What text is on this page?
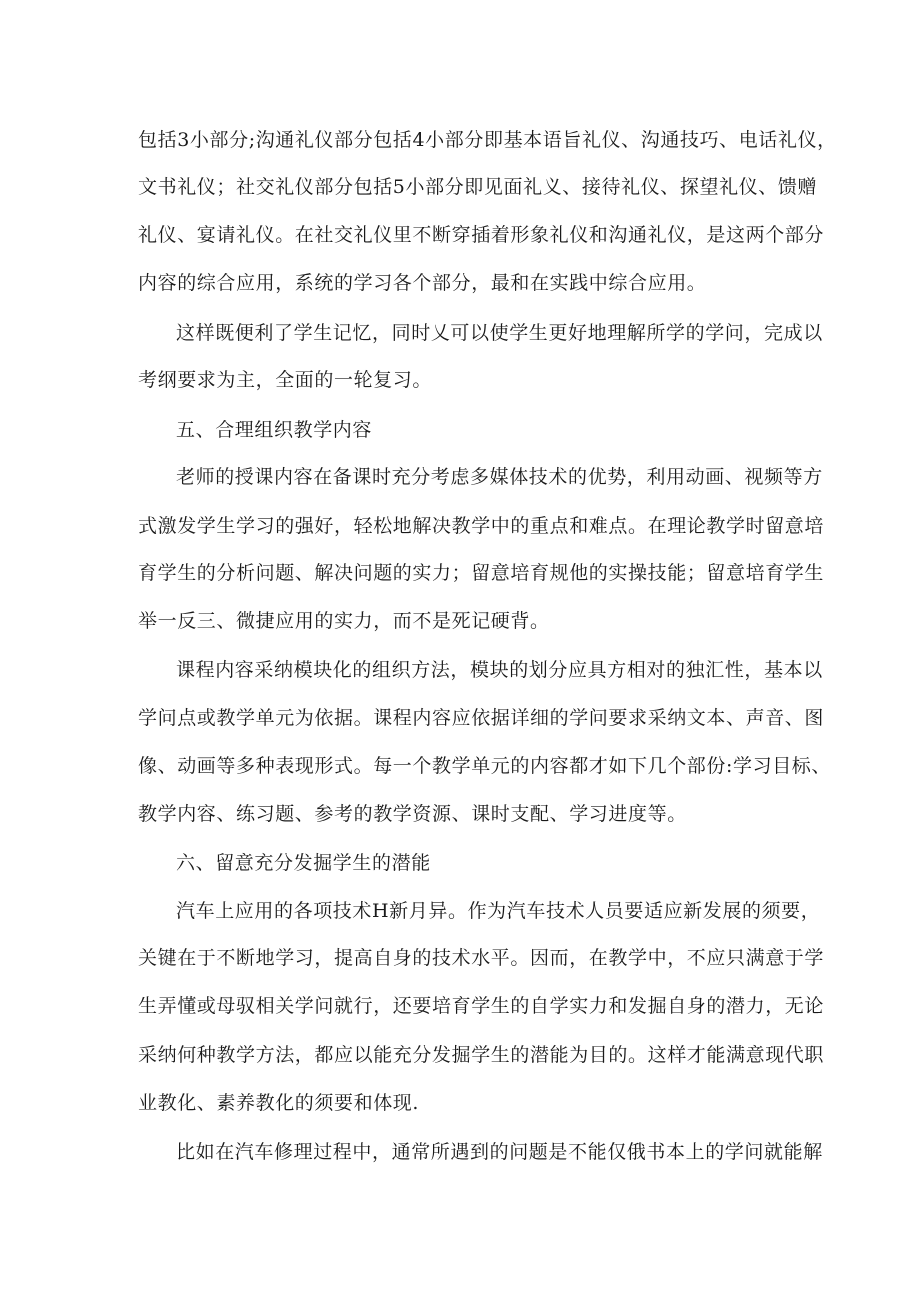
包括3小部分;沟通礼仪部分包括4小部分即基本语旨礼仪、沟通技巧、电话礼仪，
文书礼仪；社交礼仪部分包括5小部分即见面礼义、接待礼仪、探望礼仪、馈赠
礼仪、宴请礼仪。在社交礼仪里不断穿插着形象礼仪和沟通礼仪，是这两个部分
内容的综合应用，系统的学习各个部分，最和在实践中综合应用。
这样既便利了学生记忆，同时乂可以使学生更好地理解所学的学问，完成以
考纲要求为主，全面的一轮复习。
五、合理组织教学内容
老师的授课内容在备课时充分考虑多媒体技术的优势，利用动画、视频等方
式激发学生学习的强好，轻松地解决教学中的重点和难点。在理论教学时留意培
育学生的分析问题、解决问题的实力；留意培育规他的实操技能；留意培育学生
举一反三、微捷应用的实力，而不是死记硬背。
课程内容采纳模块化的组织方法，模块的划分应具方相对的独汇性，基本以
学问点或教学单元为依据。课程内容应依据详细的学问要求采纳文本、声音、图
像、动画等多种表现形式。每一个教学单元的内容都才如下几个部份:学习目标、
教学内容、练习题、参考的教学资源、课时支配、学习进度等。
六、留意充分发掘学生的潜能
汽车上应用的各项技术H新月异。作为汽车技术人员要适应新发展的须要，
关键在于不断地学习，提高自身的技术水平。因而，在教学中，不应只满意于学
生弄懂或母驭相关学问就行，还要培育学生的自学实力和发掘自身的潜力，无论
采纳何种教学方法，都应以能充分发掘学生的潜能为目的。这样才能满意现代职
业教化、素养教化的须要和体现.
比如在汽车修理过程中，通常所遇到的问题是不能仅俄书本上的学问就能解
